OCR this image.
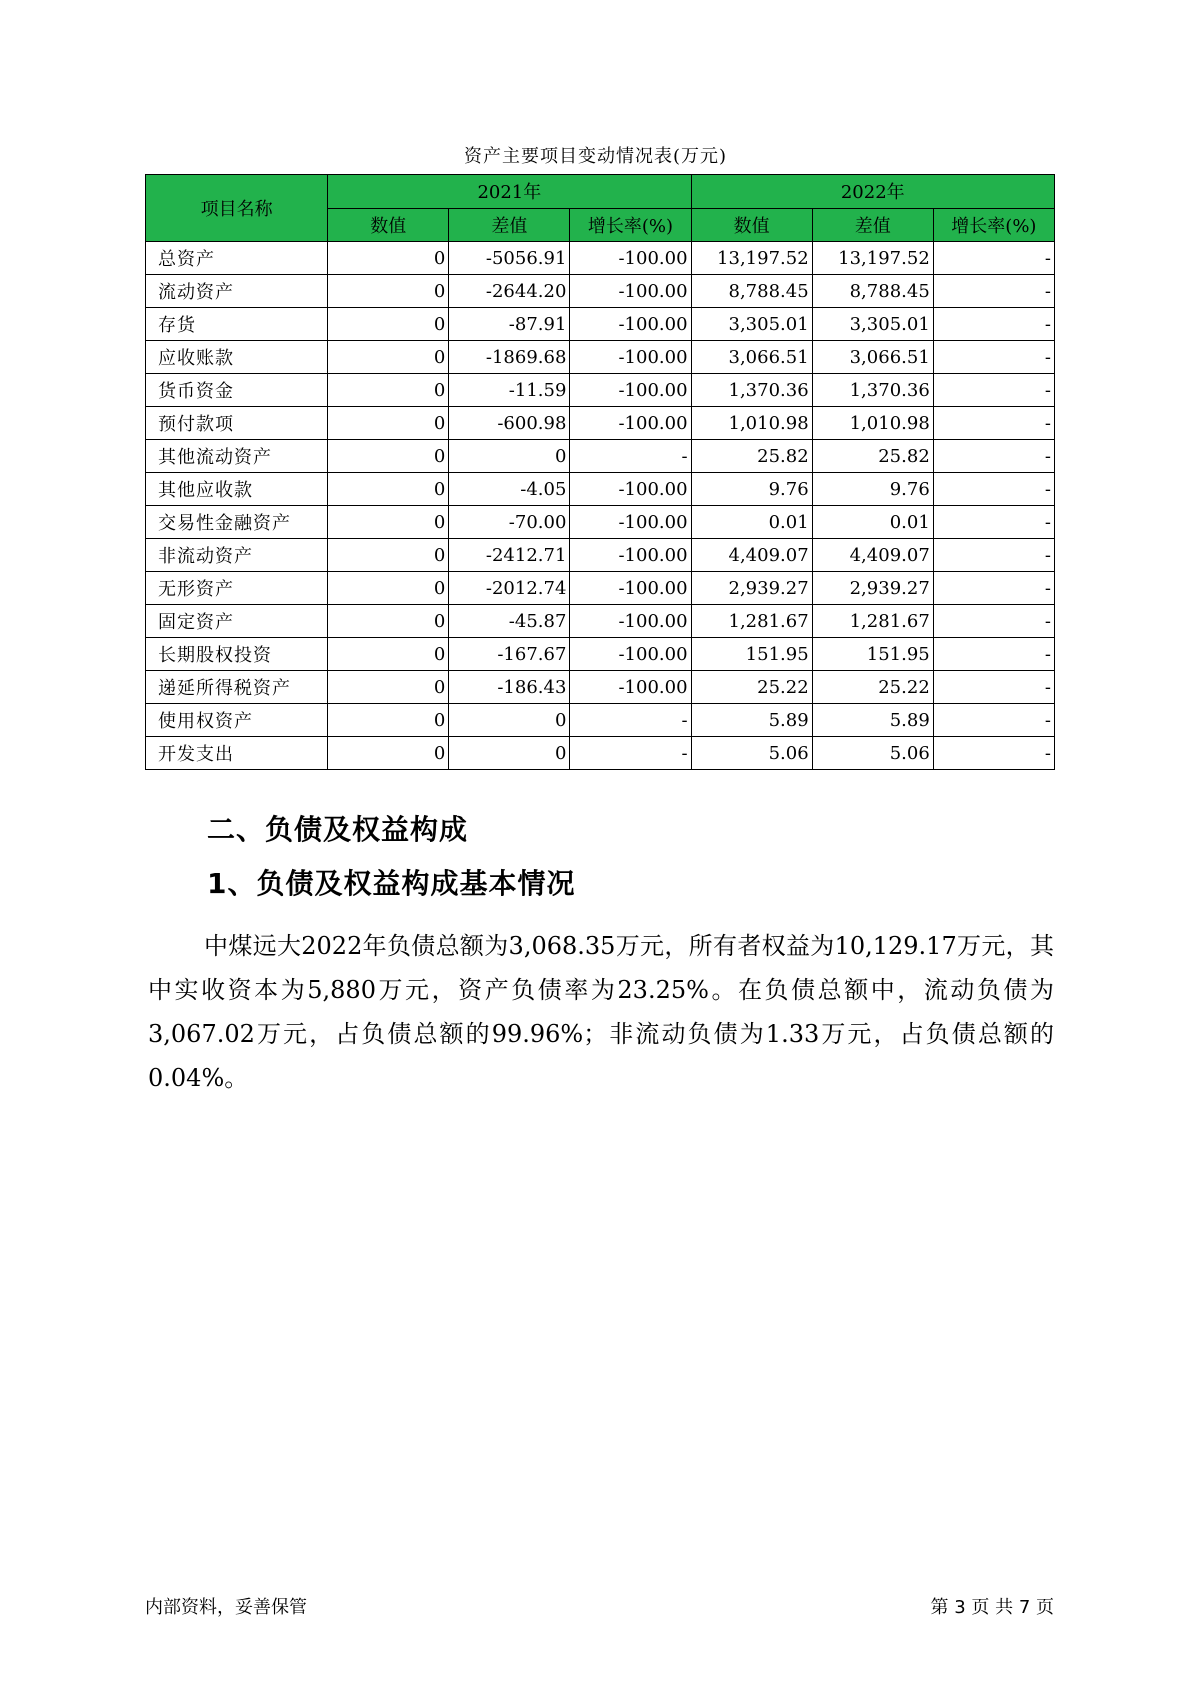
资产主要项目变动情况表(万元)
项目名称	2021年			2022年		
	数值	差值	增长率(%)	数值	差值	增长率(%)
总资产	0	-5056.91	-100.00	13,197.52	13,197.52	-
流动资产	0	-2644.20	-100.00	8,788.45	8,788.45	-
存货	0	-87.91	-100.00	3,305.01	3,305.01	-
应收账款	0	-1869.68	-100.00	3,066.51	3,066.51	-
货币资金	0	-11.59	-100.00	1,370.36	1,370.36	-
预付款项	0	-600.98	-100.00	1,010.98	1,010.98	-
其他流动资产	0	0	-	25.82	25.82	-
其他应收款	0	-4.05	-100.00	9.76	9.76	-
交易性金融资产	0	-70.00	-100.00	0.01	0.01	-
非流动资产	0	-2412.71	-100.00	4,409.07	4,409.07	-
无形资产	0	-2012.74	-100.00	2,939.27	2,939.27	-
固定资产	0	-45.87	-100.00	1,281.67	1,281.67	-
长期股权投资	0	-167.67	-100.00	151.95	151.95	-
递延所得税资产	0	-186.43	-100.00	25.22	25.22	-
使用权资产	0	0	-	5.89	5.89	-
开发支出	0	0	-	5.06	5.06	-
二、负债及权益构成
1、负债及权益构成基本情况
中煤远大2022年负债总额为3,068.35万元，所有者权益为10,129.17万元，其中实收资本为5,880万元，资产负债率为23.25%。在负债总额中，流动负债为3,067.02万元，占负债总额的99.96%；非流动负债为1.33万元，占负债总额的0.04%。
内部资料，妥善保管	第 3 页 共 7 页
